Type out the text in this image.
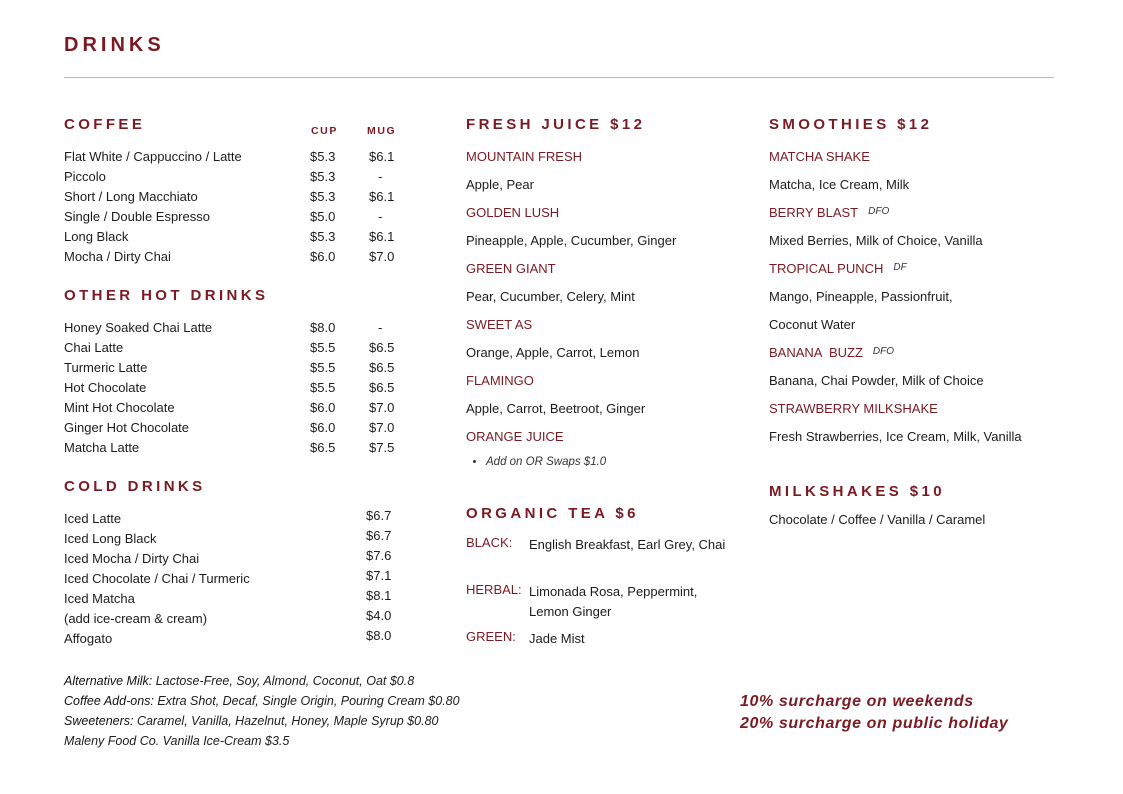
DRINKS
COFFEE	CUP	MUG
Flat White / Cappuccino / Latte	$5.3	$6.1
Piccolo	$5.3	-
Short / Long Macchiato	$5.3	$6.1
Single / Double Espresso	$5.0	-
Long Black	$5.3	$6.1
Mocha / Dirty Chai	$6.0	$7.0
OTHER HOT DRINKS
Honey Soaked Chai Latte	$8.0	-
Chai Latte	$5.5	$6.5
Turmeric Latte	$5.5	$6.5
Hot Chocolate	$5.5	$6.5
Mint Hot Chocolate	$6.0	$7.0
Ginger Hot Chocolate	$6.0	$7.0
Matcha Latte	$6.5	$7.5
COLD DRINKS
Iced Latte	$6.7
Iced Long Black	$6.7
Iced Mocha / Dirty Chai	$7.6
Iced Chocolate / Chai / Turmeric	$7.1
Iced Matcha	$8.1
(add ice-cream & cream)	$4.0
Affogato	$8.0
FRESH JUICE $12
MOUNTAIN FRESH
Apple, Pear
GOLDEN LUSH
Pineapple, Apple, Cucumber, Ginger
GREEN GIANT
Pear, Cucumber, Celery, Mint
SWEET AS
Orange, Apple, Carrot, Lemon
FLAMINGO
Apple, Carrot, Beetroot, Ginger
ORANGE JUICE
• Add on OR Swaps $1.0
ORGANIC TEA $6
BLACK: English Breakfast, Earl Grey, Chai
HERBAL: Limonada Rosa, Peppermint, Lemon Ginger
GREEN: Jade Mist
SMOOTHIES $12
MATCHA SHAKE
Matcha, Ice Cream, Milk
BERRY BLAST $^{DFO}$
Mixed Berries, Milk of Choice, Vanilla
TROPICAL PUNCH $^{DF}$
Mango, Pineapple, Passionfruit,
Coconut Water
BANANA  BUZZ $^{DFO}$
Banana, Chai Powder, Milk of Choice
STRAWBERRY MILKSHAKE
Fresh Strawberries, Ice Cream, Milk, Vanilla
MILKSHAKES $10
Chocolate / Coffee / Vanilla / Caramel
Alternative Milk: Lactose-Free, Soy, Almond, Coconut, Oat $0.8
Coffee Add-ons: Extra Shot, Decaf, Single Origin, Pouring Cream $0.80
Sweeteners: Caramel, Vanilla, Hazelnut, Honey, Maple Syrup $0.80
Maleny Food Co. Vanilla Ice-Cream $3.5
10% surcharge on weekends
20% surcharge on public holiday
